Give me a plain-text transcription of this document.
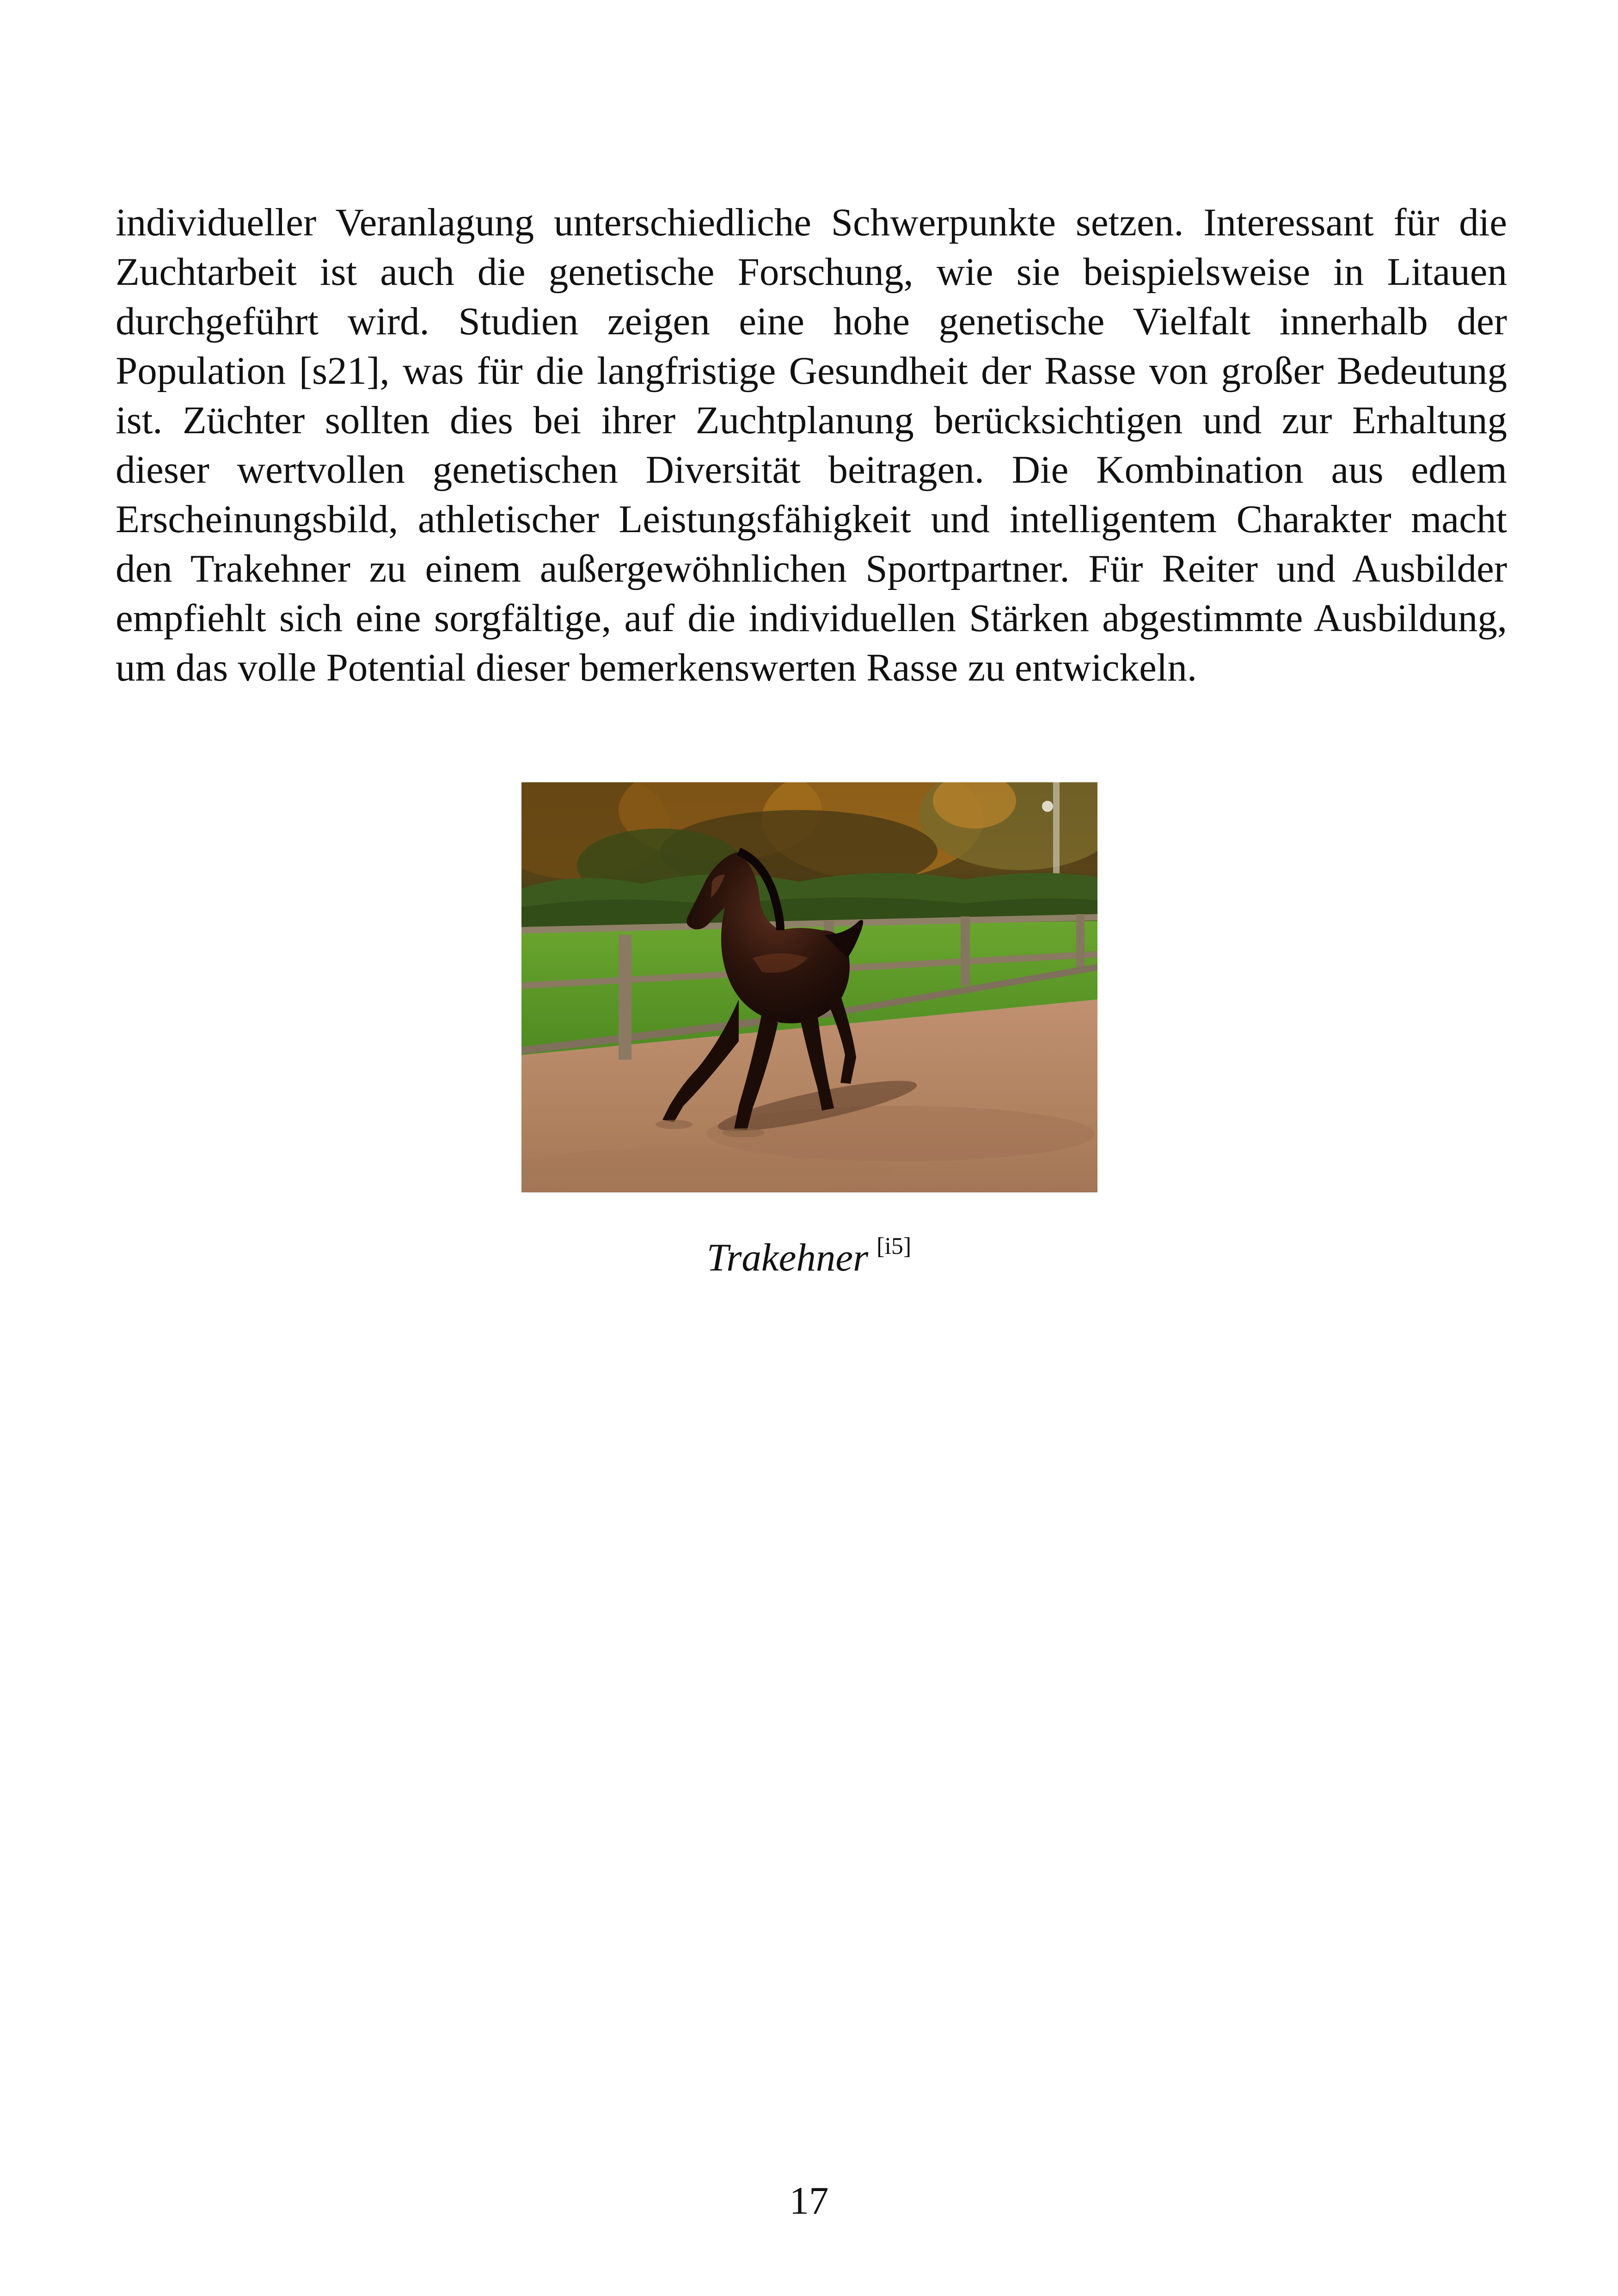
individueller Veranlagung unterschiedliche Schwerpunkte setzen. Interessant für die Zuchtarbeit ist auch die genetische Forschung, wie sie beispielsweise in Litauen durchgeführt wird. Studien zeigen eine hohe genetische Vielfalt innerhalb der Population [s21], was für die langfristige Gesundheit der Rasse von großer Bedeutung ist. Züchter sollten dies bei ihrer Zuchtplanung berücksichtigen und zur Erhaltung dieser wertvollen genetischen Diversität beitragen. Die Kombination aus edlem Erscheinungsbild, athletischer Leistungsfähigkeit und intelligentem Charakter macht den Trakehner zu einem außergewöhnlichen Sportpartner. Für Reiter und Ausbilder empfiehlt sich eine sorgfältige, auf die individuellen Stärken abgestimmte Ausbildung, um das volle Potential dieser bemerkenswerten Rasse zu entwickeln.

Trakehner [i5]
17
